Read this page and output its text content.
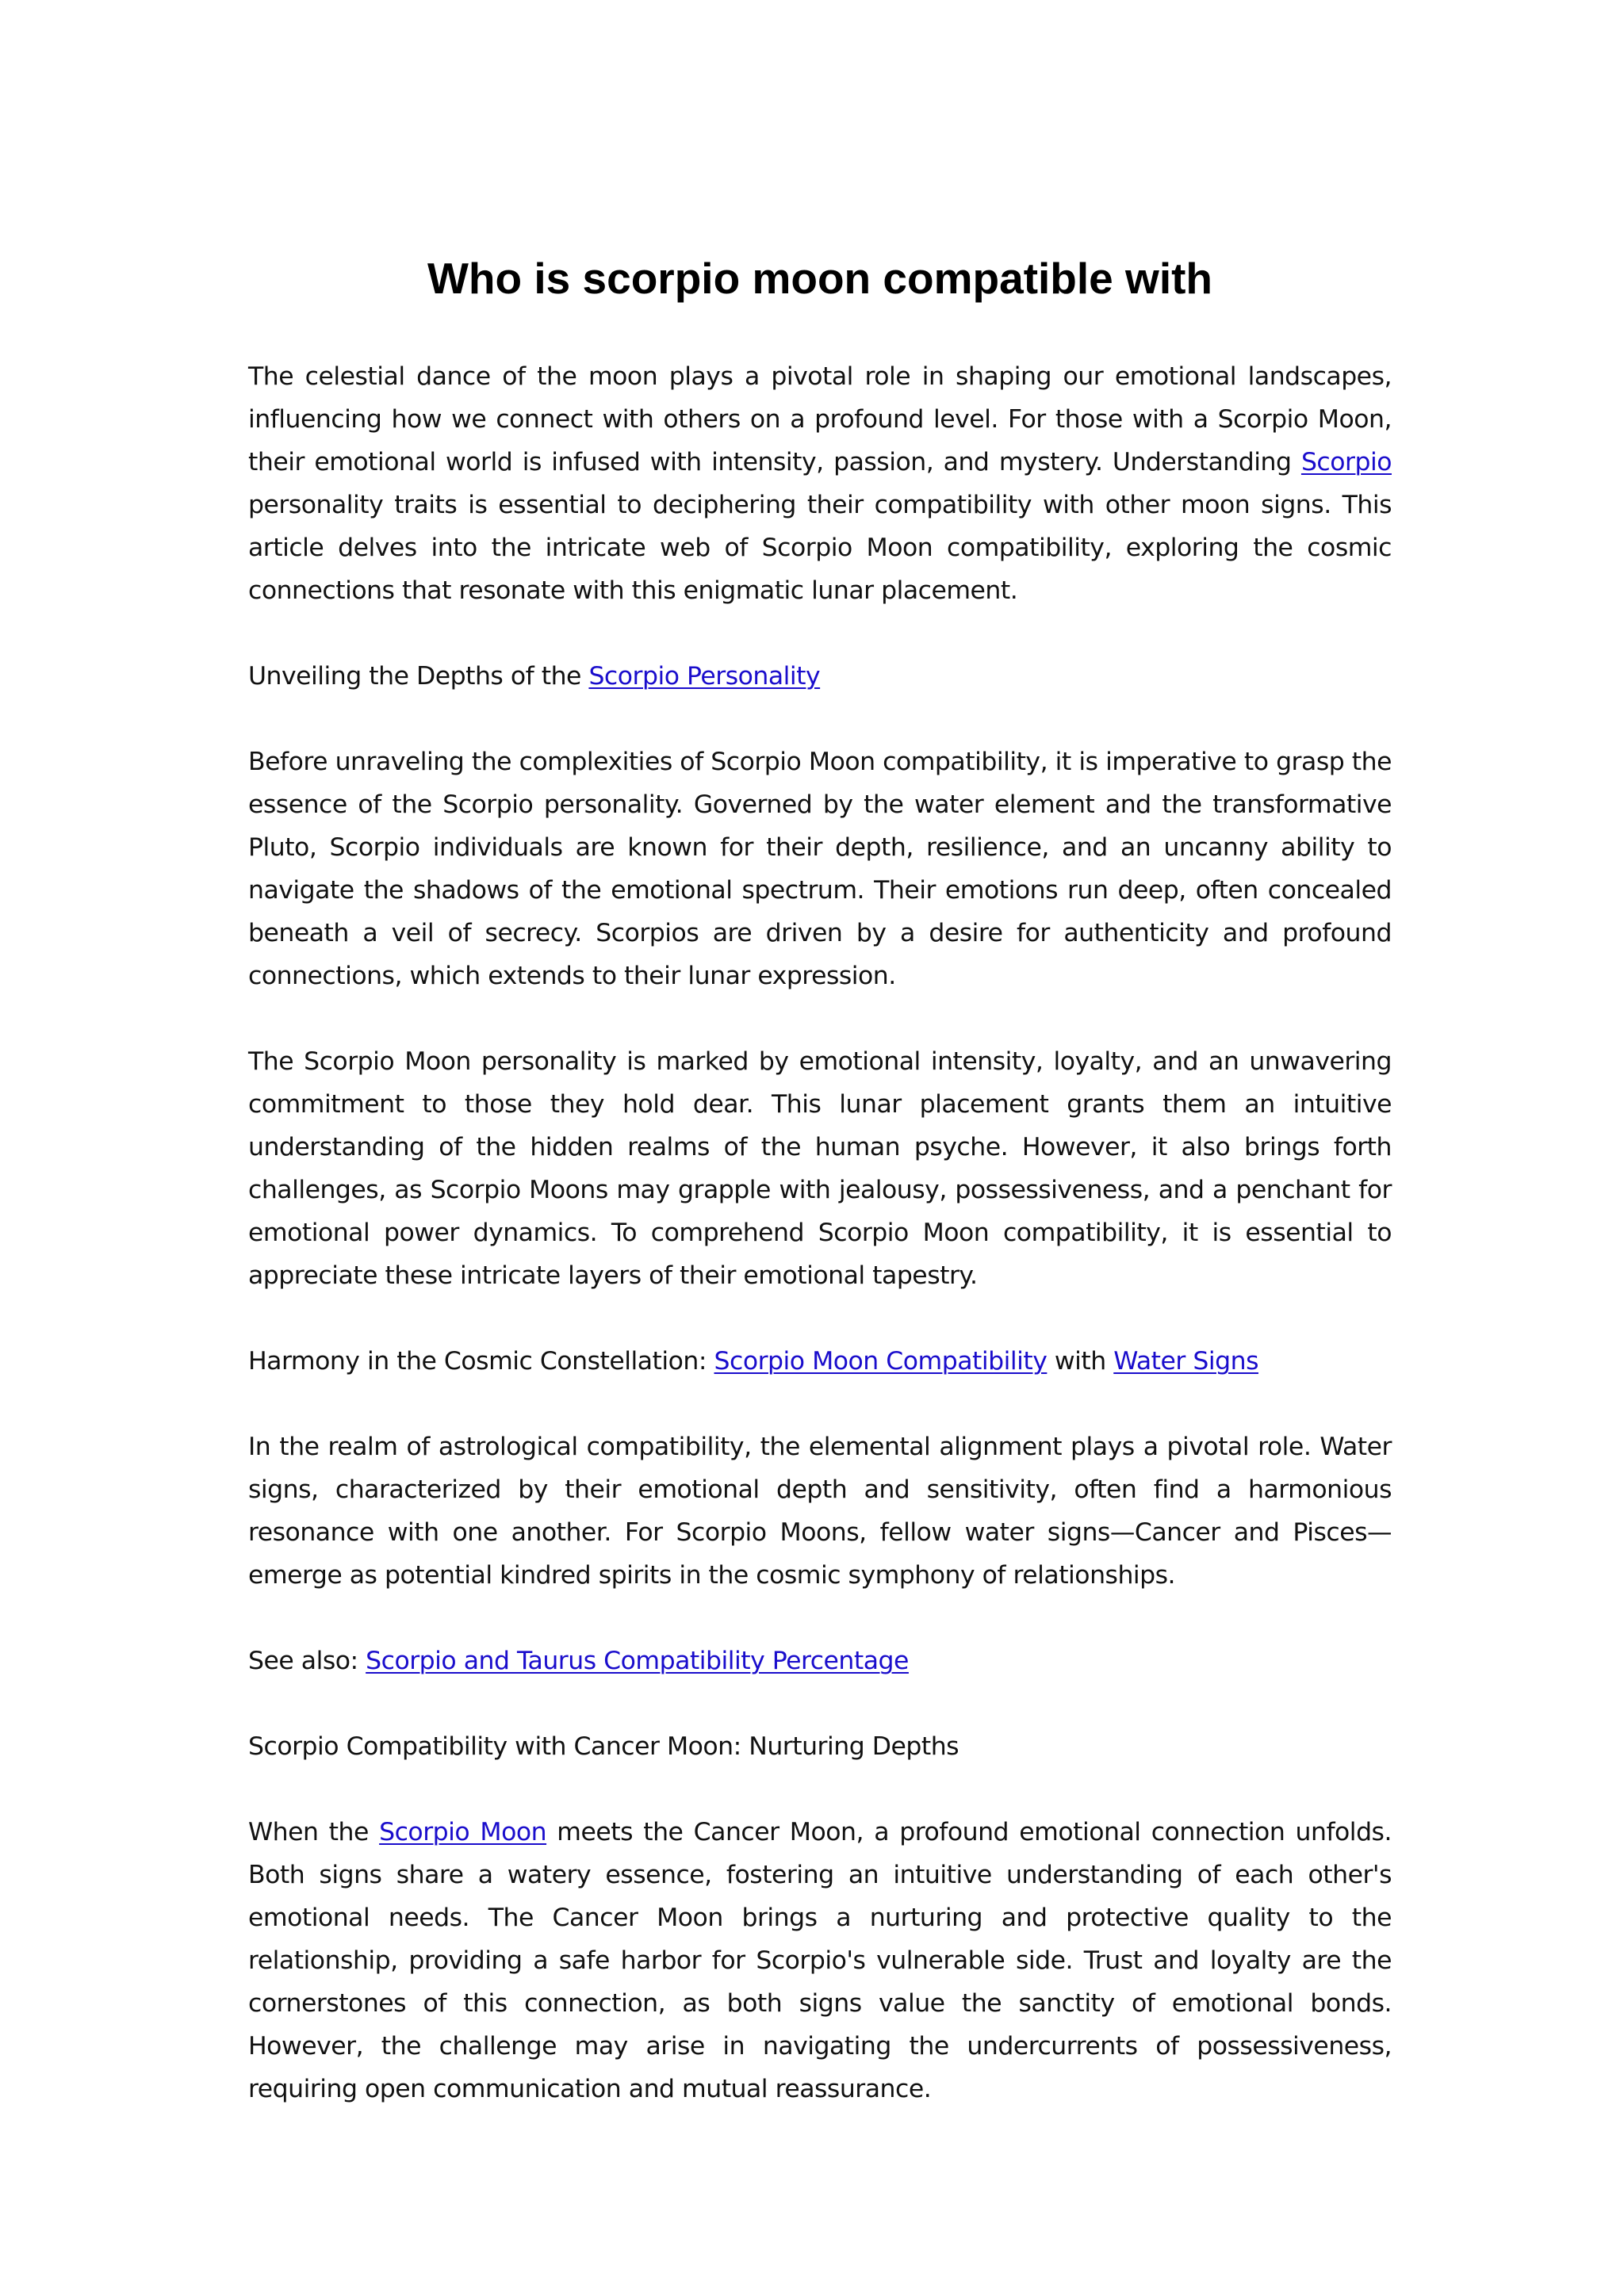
Who is scorpio moon compatible with

The celestial dance of the moon plays a pivotal role in shaping our emotional landscapes, influencing how we connect with others on a profound level. For those with a Scorpio Moon, their emotional world is infused with intensity, passion, and mystery. Understanding Scorpio personality traits is essential to deciphering their compatibility with other moon signs. This article delves into the intricate web of Scorpio Moon compatibility, exploring the cosmic connections that resonate with this enigmatic lunar placement.

Unveiling the Depths of the Scorpio Personality

Before unraveling the complexities of Scorpio Moon compatibility, it is imperative to grasp the essence of the Scorpio personality. Governed by the water element and the transformative Pluto, Scorpio individuals are known for their depth, resilience, and an uncanny ability to navigate the shadows of the emotional spectrum. Their emotions run deep, often concealed beneath a veil of secrecy. Scorpios are driven by a desire for authenticity and profound connections, which extends to their lunar expression.

The Scorpio Moon personality is marked by emotional intensity, loyalty, and an unwavering commitment to those they hold dear. This lunar placement grants them an intuitive understanding of the hidden realms of the human psyche. However, it also brings forth challenges, as Scorpio Moons may grapple with jealousy, possessiveness, and a penchant for emotional power dynamics. To comprehend Scorpio Moon compatibility, it is essential to appreciate these intricate layers of their emotional tapestry.

Harmony in the Cosmic Constellation: Scorpio Moon Compatibility with Water Signs

In the realm of astrological compatibility, the elemental alignment plays a pivotal role. Water signs, characterized by their emotional depth and sensitivity, often find a harmonious resonance with one another. For Scorpio Moons, fellow water signs—Cancer and Pisces—emerge as potential kindred spirits in the cosmic symphony of relationships.

See also: Scorpio and Taurus Compatibility Percentage

Scorpio Compatibility with Cancer Moon: Nurturing Depths

When the Scorpio Moon meets the Cancer Moon, a profound emotional connection unfolds. Both signs share a watery essence, fostering an intuitive understanding of each other's emotional needs. The Cancer Moon brings a nurturing and protective quality to the relationship, providing a safe harbor for Scorpio's vulnerable side. Trust and loyalty are the cornerstones of this connection, as both signs value the sanctity of emotional bonds. However, the challenge may arise in navigating the undercurrents of possessiveness, requiring open communication and mutual reassurance.
